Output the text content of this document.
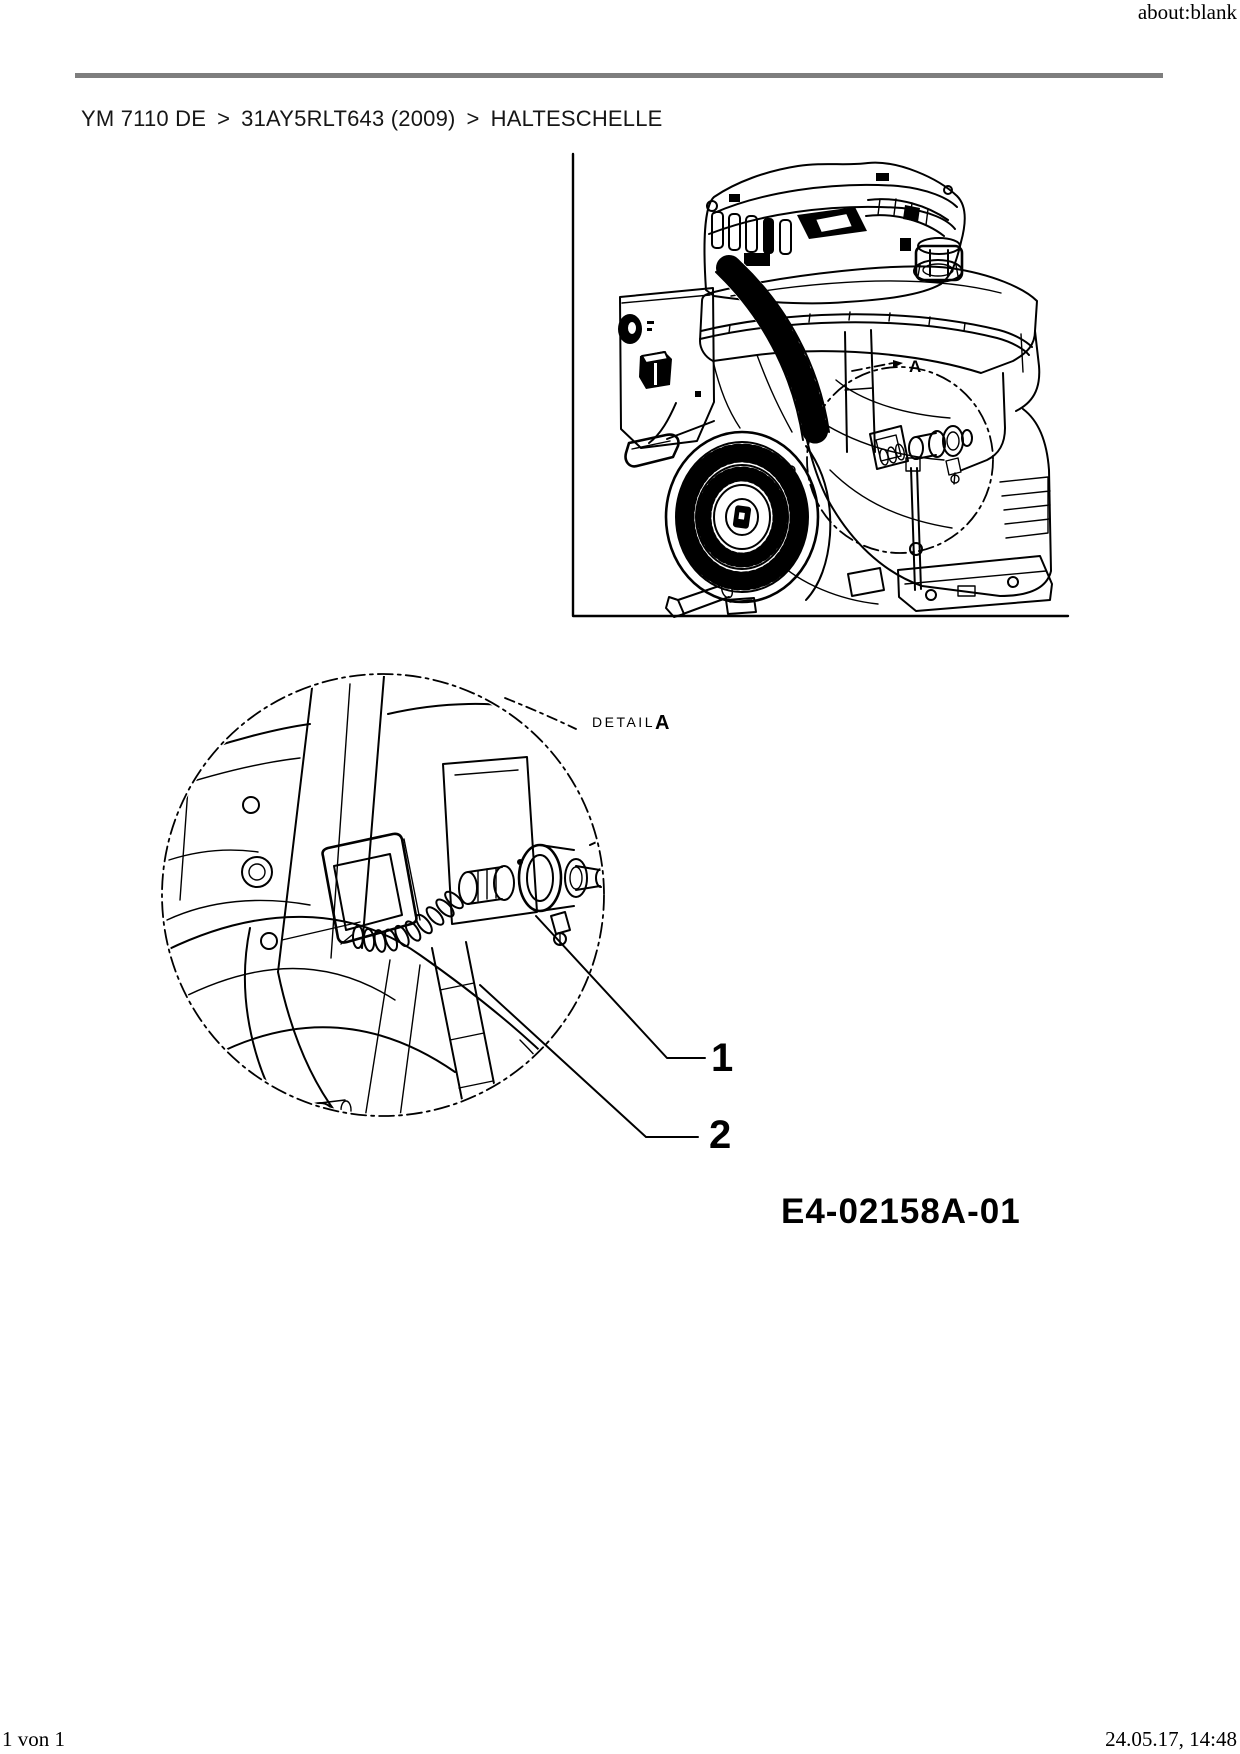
about:blank
YM 7110 DE > 31AY5RLT643 (2009) > HALTESCHELLE
A
DETAIL A
1
2
E4-02158A-01
1 von 1	24.05.17, 14:48
